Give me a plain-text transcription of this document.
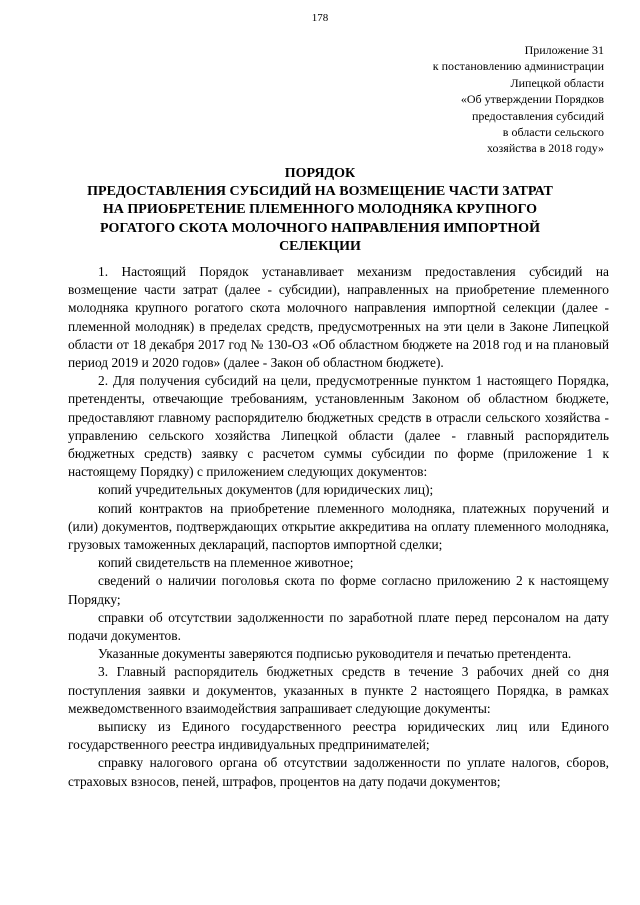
178
Приложение 31
к постановлению администрации
Липецкой области
«Об утверждении Порядков
предоставления субсидий
в области сельского
хозяйства в 2018 году»
ПОРЯДОК
ПРЕДОСТАВЛЕНИЯ СУБСИДИЙ НА ВОЗМЕЩЕНИЕ ЧАСТИ ЗАТРАТ
НА ПРИОБРЕТЕНИЕ ПЛЕМЕННОГО МОЛОДНЯКА КРУПНОГО
РОГАТОГО СКОТА МОЛОЧНОГО НАПРАВЛЕНИЯ ИМПОРТНОЙ
СЕЛЕКЦИИ

1. Настоящий Порядок устанавливает механизм предоставления субсидий на возмещение части затрат (далее - субсидии), направленных на приобретение племенного молодняка крупного рогатого скота молочного направления импортной селекции (далее - племенной молодняк) в пределах средств, предусмотренных на эти цели в Законе Липецкой области от 18 декабря 2017 год № 130-ОЗ «Об областном бюджете на 2018 год и на плановый период 2019 и 2020 годов» (далее - Закон об областном бюджете).

2. Для получения субсидий на цели, предусмотренные пунктом 1 настоящего Порядка, претенденты, отвечающие требованиям, установленным Законом об областном бюджете, предоставляют главному распорядителю бюджетных средств в отрасли сельского хозяйства - управлению сельского хозяйства Липецкой области (далее - главный распорядитель бюджетных средств) заявку с расчетом суммы субсидии по форме (приложение 1 к настоящему Порядку) с приложением следующих документов:

копий учредительных документов (для юридических лиц);

копий контрактов на приобретение племенного молодняка, платежных поручений и (или) документов, подтверждающих открытие аккредитива на оплату племенного молодняка, грузовых таможенных деклараций, паспортов импортной сделки;

копий свидетельств на племенное животное;

сведений о наличии поголовья скота по форме согласно приложению 2 к настоящему Порядку;

справки об отсутствии задолженности по заработной плате перед персоналом на дату подачи документов.

Указанные документы заверяются подписью руководителя и печатью претендента.

3. Главный распорядитель бюджетных средств в течение 3 рабочих дней со дня поступления заявки и документов, указанных в пункте 2 настоящего Порядка, в рамках межведомственного взаимодействия запрашивает следующие документы:

выписку из Единого государственного реестра юридических лиц или Единого государственного реестра индивидуальных предпринимателей;

справку налогового органа об отсутствии задолженности по уплате налогов, сборов, страховых взносов, пеней, штрафов, процентов на дату подачи документов;
